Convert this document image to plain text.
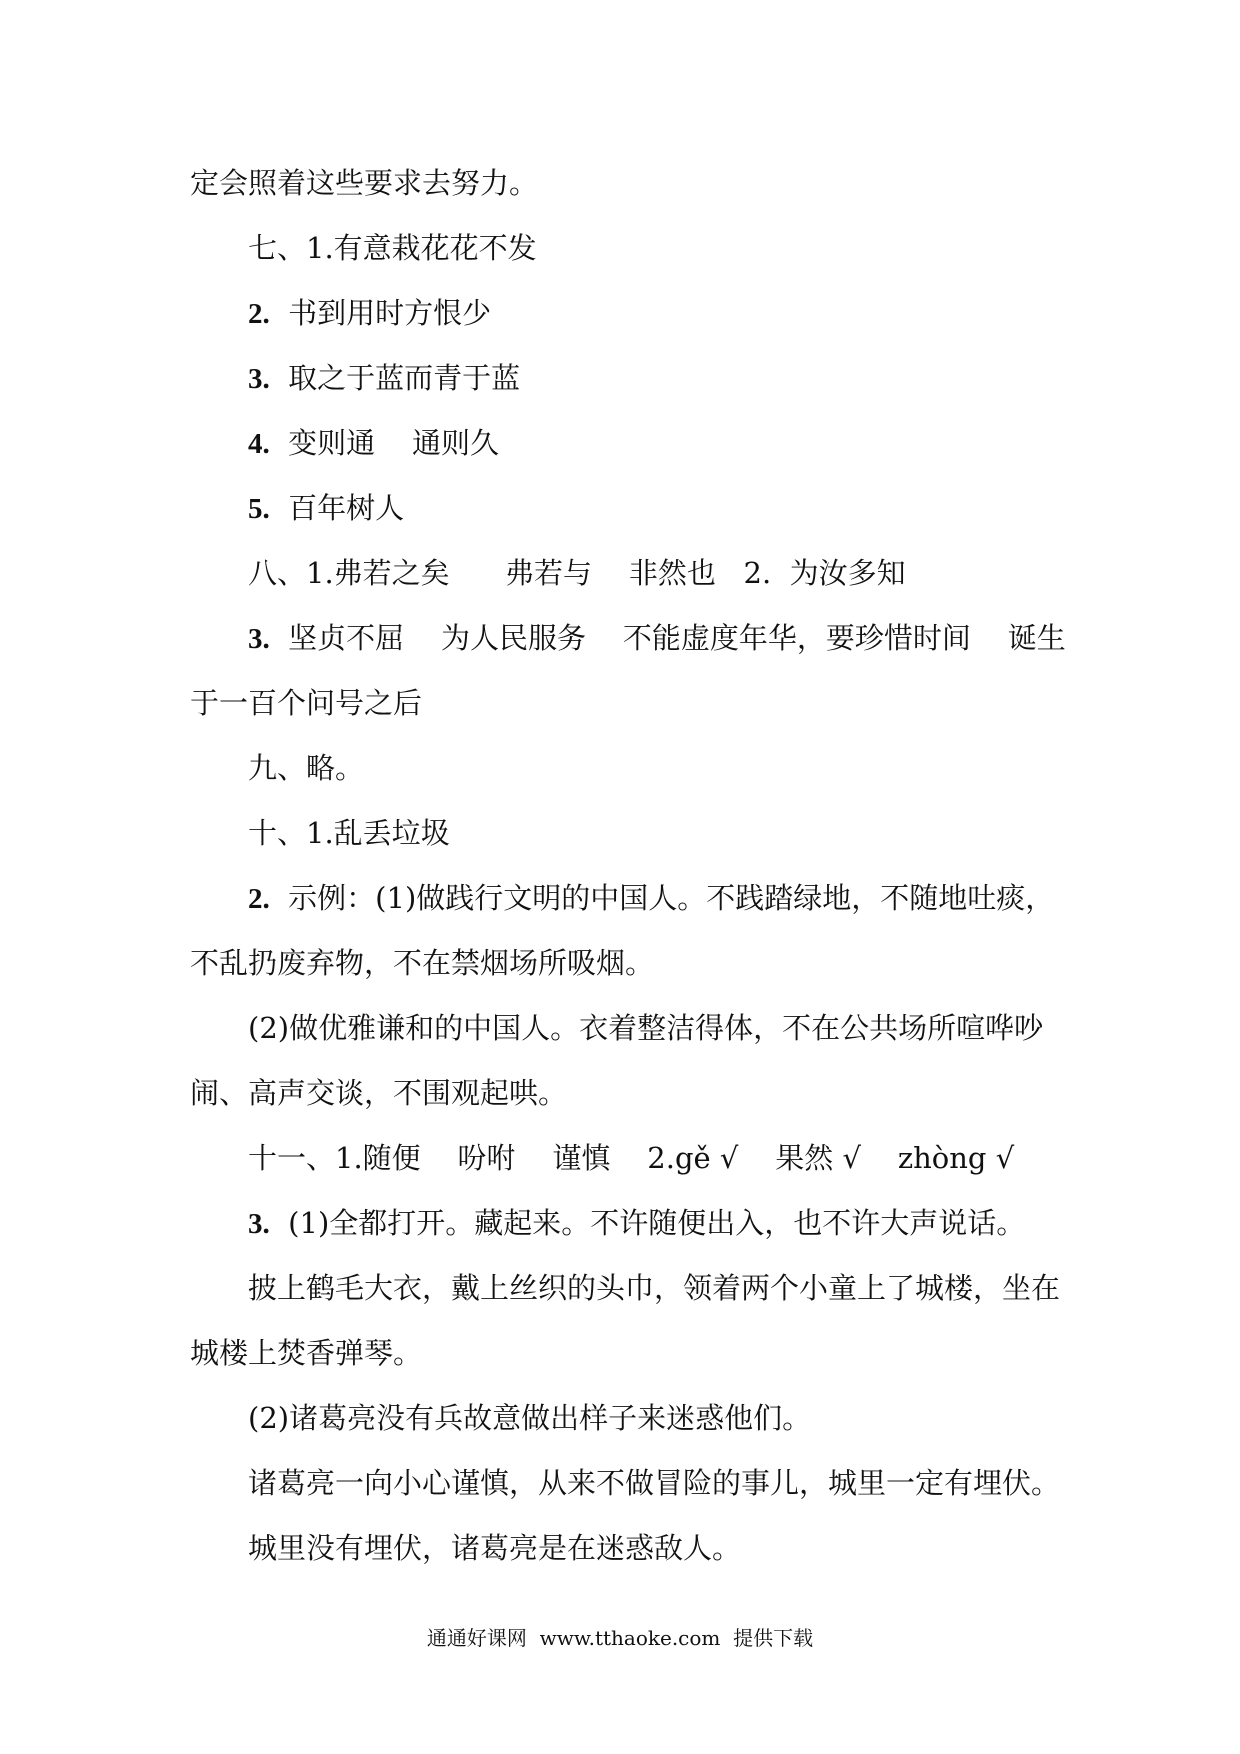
定会照着这些要求去努力。
七、1.有意栽花花不发
2.  书到用时方恨少
3.  取之于蓝而青于蓝
4.  变则通    通则久
5.  百年树人
八、1.弗若之矣      弗若与    非然也   2.  为汝多知
3.  坚贞不屈    为人民服务    不能虚度年华，要珍惜时间    诞生
于一百个问号之后
九、略。
十、1.乱丢垃圾
2.  示例：(1)做践行文明的中国人。不践踏绿地，不随地吐痰，
不乱扔废弃物，不在禁烟场所吸烟。
(2)做优雅谦和的中国人。衣着整洁得体，不在公共场所喧哗吵
闹、高声交谈，不围观起哄。
十一、1.随便    吩咐    谨慎    2.gě √    果然 √    zhòng √
3.  (1)全都打开。藏起来。不许随便出入，也不许大声说话。
披上鹤毛大衣，戴上丝织的头巾，领着两个小童上了城楼，坐在
城楼上焚香弹琴。
(2)诸葛亮没有兵故意做出样子来迷惑他们。
诸葛亮一向小心谨慎，从来不做冒险的事儿，城里一定有埋伏。
城里没有埋伏，诸葛亮是在迷惑敌人。
通通好课网  www.tthaoke.com  提供下载
